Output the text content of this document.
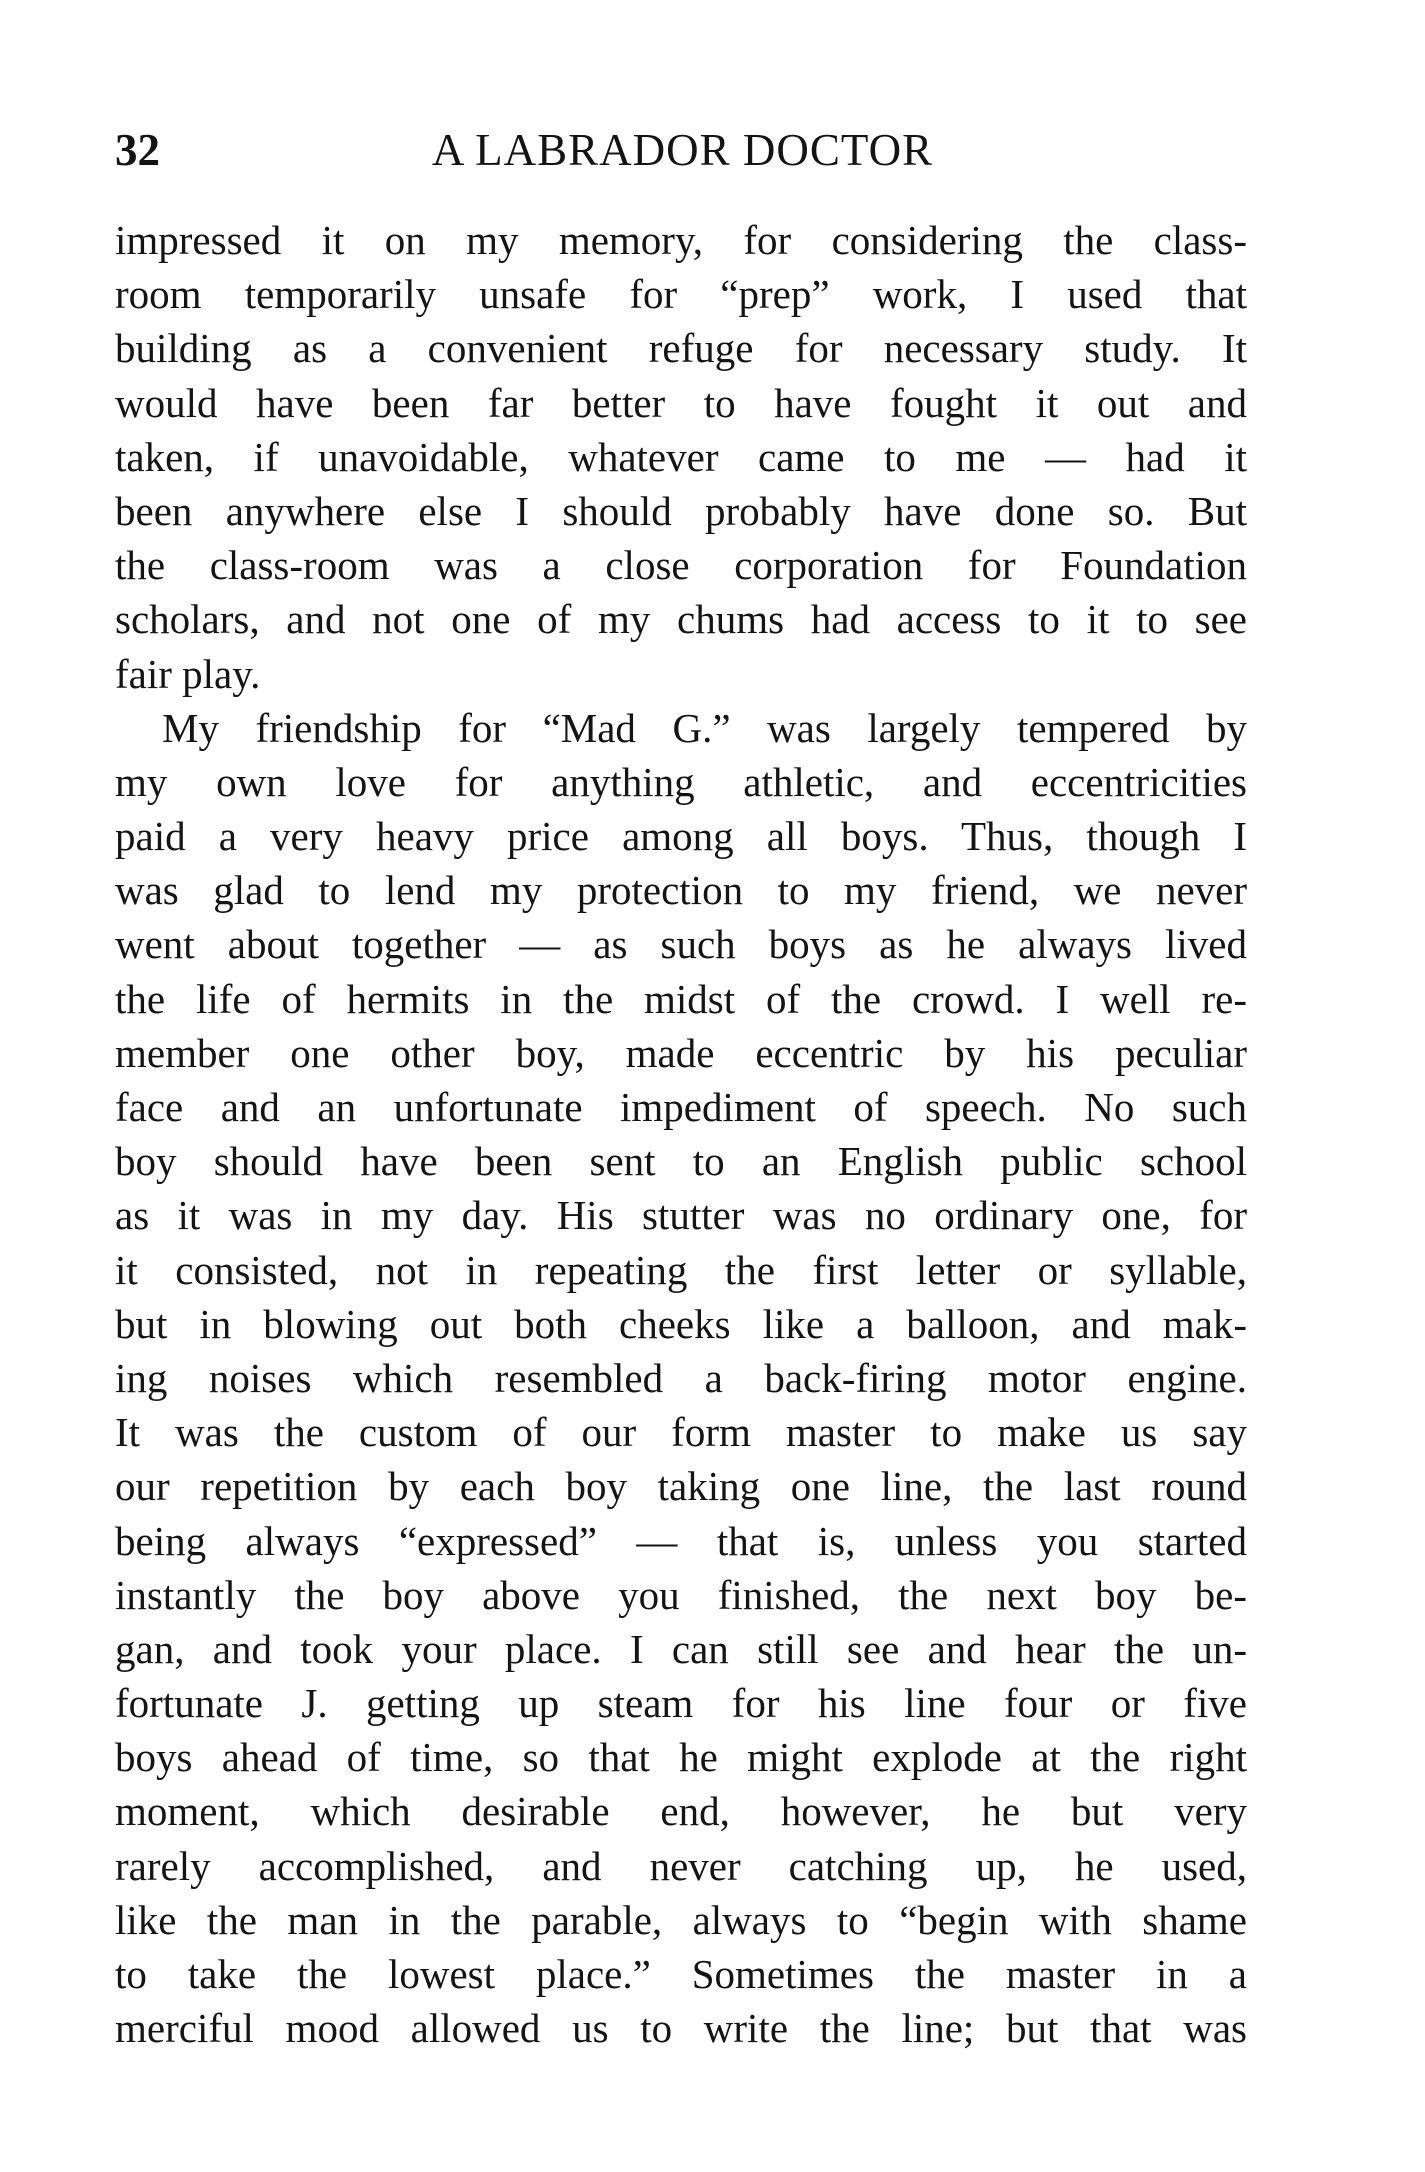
32	A LABRADOR DOCTOR
impressed it on my memory, for considering the class-
room temporarily unsafe for “prep” work, I used that
building as a convenient refuge for necessary study. It
would have been far better to have fought it out and
taken, if unavoidable, whatever came to me — had it
been anywhere else I should probably have done so. But
the class-room was a close corporation for Foundation
scholars, and not one of my chums had access to it to see
fair play.
My friendship for “Mad G.” was largely tempered by
my own love for anything athletic, and eccentricities
paid a very heavy price among all boys. Thus, though I
was glad to lend my protection to my friend, we never
went about together — as such boys as he always lived
the life of hermits in the midst of the crowd. I well re-
member one other boy, made eccentric by his peculiar
face and an unfortunate impediment of speech. No such
boy should have been sent to an English public school
as it was in my day. His stutter was no ordinary one, for
it consisted, not in repeating the first letter or syllable,
but in blowing out both cheeks like a balloon, and mak-
ing noises which resembled a back-firing motor engine.
It was the custom of our form master to make us say
our repetition by each boy taking one line, the last round
being always “expressed” — that is, unless you started
instantly the boy above you finished, the next boy be-
gan, and took your place. I can still see and hear the un-
fortunate J. getting up steam for his line four or five
boys ahead of time, so that he might explode at the right
moment, which desirable end, however, he but very
rarely accomplished, and never catching up, he used,
like the man in the parable, always to “begin with shame
to take the lowest place.” Sometimes the master in a
merciful mood allowed us to write the line; but that was
